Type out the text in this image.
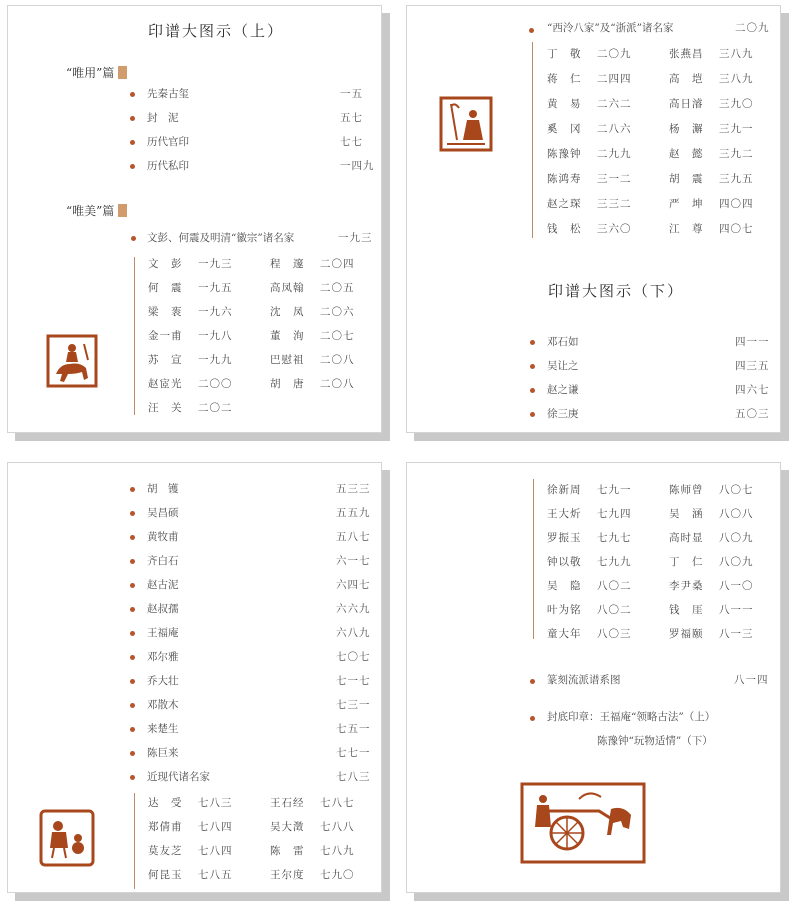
印谱大图示（上）
“唯用”篇
先秦古玺	一五
封　泥	五七
历代官印	七七
历代私印	一四九
“唯美”篇
文彭、何震及明清“徽宗”诸名家	一九三
文　彭 一九三	程　邃 二〇四
何　震 一九五	高凤翰 二〇五
梁　袠 一九六	沈　凤 二〇六
金一甫 一九八	董　洵 二〇七
苏　宣 一九九	巴慰祖 二〇八
赵宧光 二〇〇	胡　唐 二〇八
汪　关 二〇二
“西泠八家”及“浙派”诸名家	二〇九
丁　敬 二〇九	张燕昌 三八九
蒋　仁 二四四	高　垲 三八九
黄　易 二六二	高日濬 三九〇
奚　冈 二八六	杨　澥 三九一
陈豫钟 二九九	赵　懿 三九二
陈鸿寿 三一二	胡　震 三九五
赵之琛 三三二	严　坤 四〇四
钱　松 三六〇	江　尊 四〇七
印谱大图示（下）
邓石如	四一一
吴让之	四三五
赵之谦	四六七
徐三庚	五〇三
胡　镬	五三三
吴昌硕	五五九
黄牧甫	五八七
齐白石	六一七
赵古泥	六四七
赵叔孺	六六九
王福庵	六八九
邓尔雅	七〇七
乔大壮	七一七
邓散木	七三一
来楚生	七五一
陈巨来	七七一
近现代诸名家	七八三
达　受 七八三	王石经 七八七
郑倩甫 七八四	吴大澂 七八八
莫友芝 七八四	陈　雷 七八九
何昆玉 七八五	王尔度 七九〇
徐新周 七九一	陈师曾 八〇七
王大炘 七九四	吴　涵 八〇八
罗振玉 七九七	高时显 八〇九
钟以敬 七九九	丁　仁 八〇九
吴　隐 八〇二	李尹桑 八一〇
叶为铭 八〇二	钱　厓 八一一
童大年 八〇三	罗福颐 八一三
篆刻流派谱系图	八一四
封底印章：王福庵“领略古法”（上）
陈豫钟“玩物适情”（下）
